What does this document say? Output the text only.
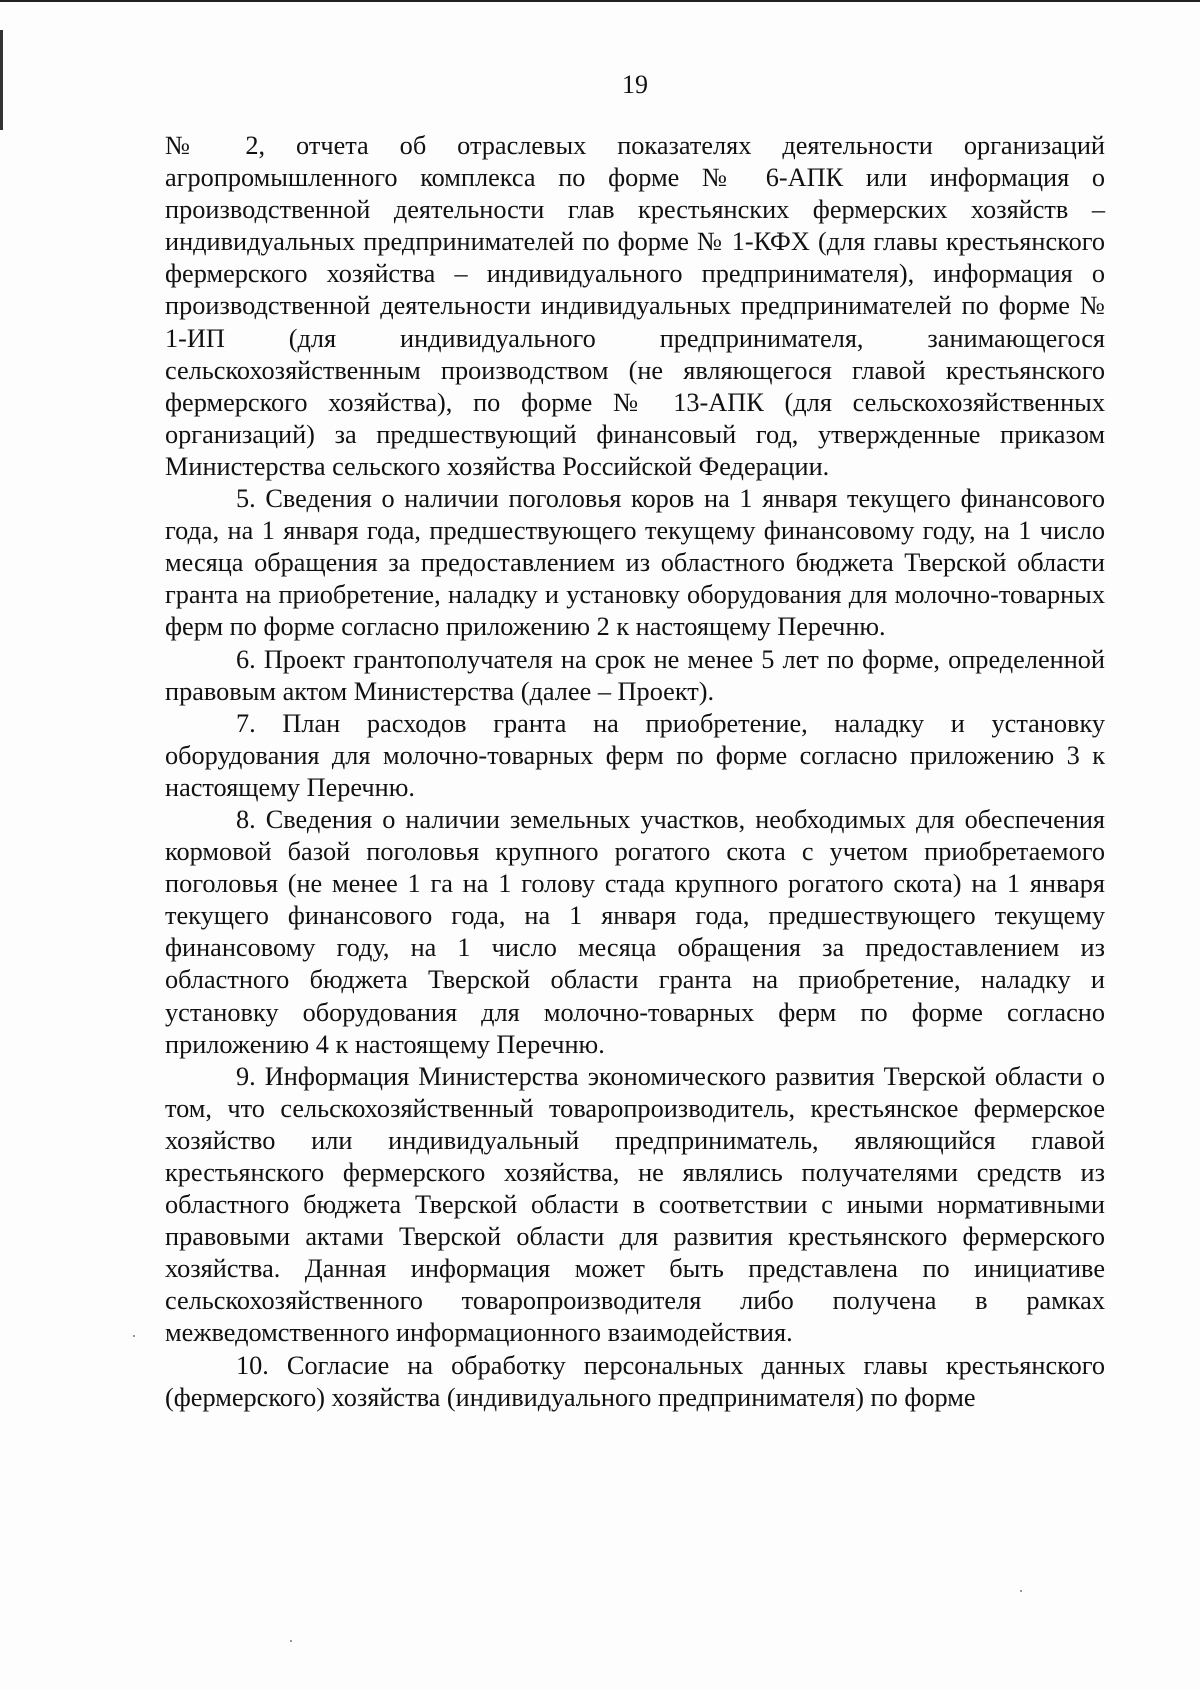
19

№ 2, отчета об отраслевых показателях деятельности организаций агропромышленного комплекса по форме № 6-АПК или информация о производственной деятельности глав крестьянских фермерских хозяйств – индивидуальных предпринимателей по форме № 1-КФХ (для главы крестьянского фермерского хозяйства – индивидуального предпринимателя), информация о производственной деятельности индивидуальных предпринимателей по форме № 1-ИП (для индивидуального предпринимателя, занимающегося сельскохозяйственным производством (не являющегося главой крестьянского фермерского хозяйства), по форме № 13-АПК (для сельскохозяйственных организаций) за предшествующий финансовый год, утвержденные приказом Министерства сельского хозяйства Российской Федерации.

5. Сведения о наличии поголовья коров на 1 января текущего финансового года, на 1 января года, предшествующего текущему финансовому году, на 1 число месяца обращения за предоставлением из областного бюджета Тверской области гранта на приобретение, наладку и установку оборудования для молочно-товарных ферм по форме согласно приложению 2 к настоящему Перечню.

6. Проект грантополучателя на срок не менее 5 лет по форме, определенной правовым актом Министерства (далее – Проект).

7. План расходов гранта на приобретение, наладку и установку оборудования для молочно-товарных ферм по форме согласно приложению 3 к настоящему Перечню.

8. Сведения о наличии земельных участков, необходимых для обеспечения кормовой базой поголовья крупного рогатого скота с учетом приобретаемого поголовья (не менее 1 га на 1 голову стада крупного рогатого скота) на 1 января текущего финансового года, на 1 января года, предшествующего текущему финансовому году, на 1 число месяца обращения за предоставлением из областного бюджета Тверской области гранта на приобретение, наладку и установку оборудования для молочно-товарных ферм по форме согласно приложению 4 к настоящему Перечню.

9. Информация Министерства экономического развития Тверской области о том, что сельскохозяйственный товаропроизводитель, крестьянское фермерское хозяйство или индивидуальный предприниматель, являющийся главой крестьянского фермерского хозяйства, не являлись получателями средств из областного бюджета Тверской области в соответствии с иными нормативными правовыми актами Тверской области для развития крестьянского фермерского хозяйства. Данная информация может быть представлена по инициативе сельскохозяйственного товаропроизводителя либо получена в рамках межведомственного информационного взаимодействия.

10. Согласие на обработку персональных данных главы крестьянского (фермерского) хозяйства (индивидуального предпринимателя) по форме
